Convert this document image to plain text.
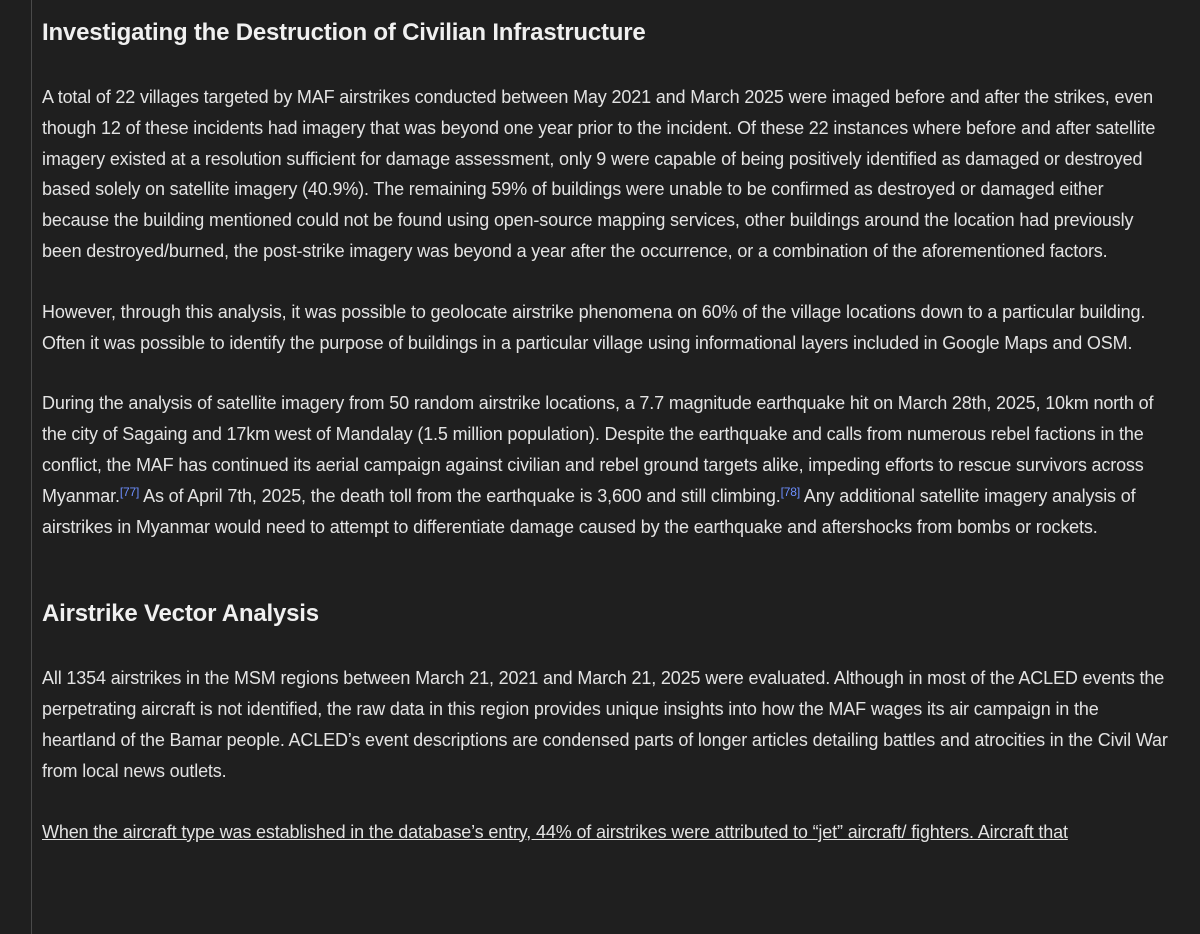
Investigating the Destruction of Civilian Infrastructure

A total of 22 villages targeted by MAF airstrikes conducted between May 2021 and March 2025 were imaged before and after the strikes, even though 12 of these incidents had imagery that was beyond one year prior to the incident. Of these 22 instances where before and after satellite imagery existed at a resolution sufficient for damage assessment, only 9 were capable of being positively identified as damaged or destroyed based solely on satellite imagery (40.9%). The remaining 59% of buildings were unable to be confirmed as destroyed or damaged either because the building mentioned could not be found using open-source mapping services, other buildings around the location had previously been destroyed/burned, the post-strike imagery was beyond a year after the occurrence, or a combination of the aforementioned factors.

However, through this analysis, it was possible to geolocate airstrike phenomena on 60% of the village locations down to a particular building. Often it was possible to identify the purpose of buildings in a particular village using informational layers included in Google Maps and OSM.

During the analysis of satellite imagery from 50 random airstrike locations, a 7.7 magnitude earthquake hit on March 28th, 2025, 10km north of the city of Sagaing and 17km west of Mandalay (1.5 million population). Despite the earthquake and calls from numerous rebel factions in the conflict, the MAF has continued its aerial campaign against civilian and rebel ground targets alike, impeding efforts to rescue survivors across Myanmar.[77] As of April 7th, 2025, the death toll from the earthquake is 3,600 and still climbing.[78] Any additional satellite imagery analysis of airstrikes in Myanmar would need to attempt to differentiate damage caused by the earthquake and aftershocks from bombs or rockets.

Airstrike Vector Analysis

All 1354 airstrikes in the MSM regions between March 21, 2021 and March 21, 2025 were evaluated. Although in most of the ACLED events the perpetrating aircraft is not identified, the raw data in this region provides unique insights into how the MAF wages its air campaign in the heartland of the Bamar people. ACLED’s event descriptions are condensed parts of longer articles detailing battles and atrocities in the Civil War from local news outlets.

When the aircraft type was established in the database’s entry, 44% of airstrikes were attributed to “jet” aircraft/ fighters. Aircraft that
